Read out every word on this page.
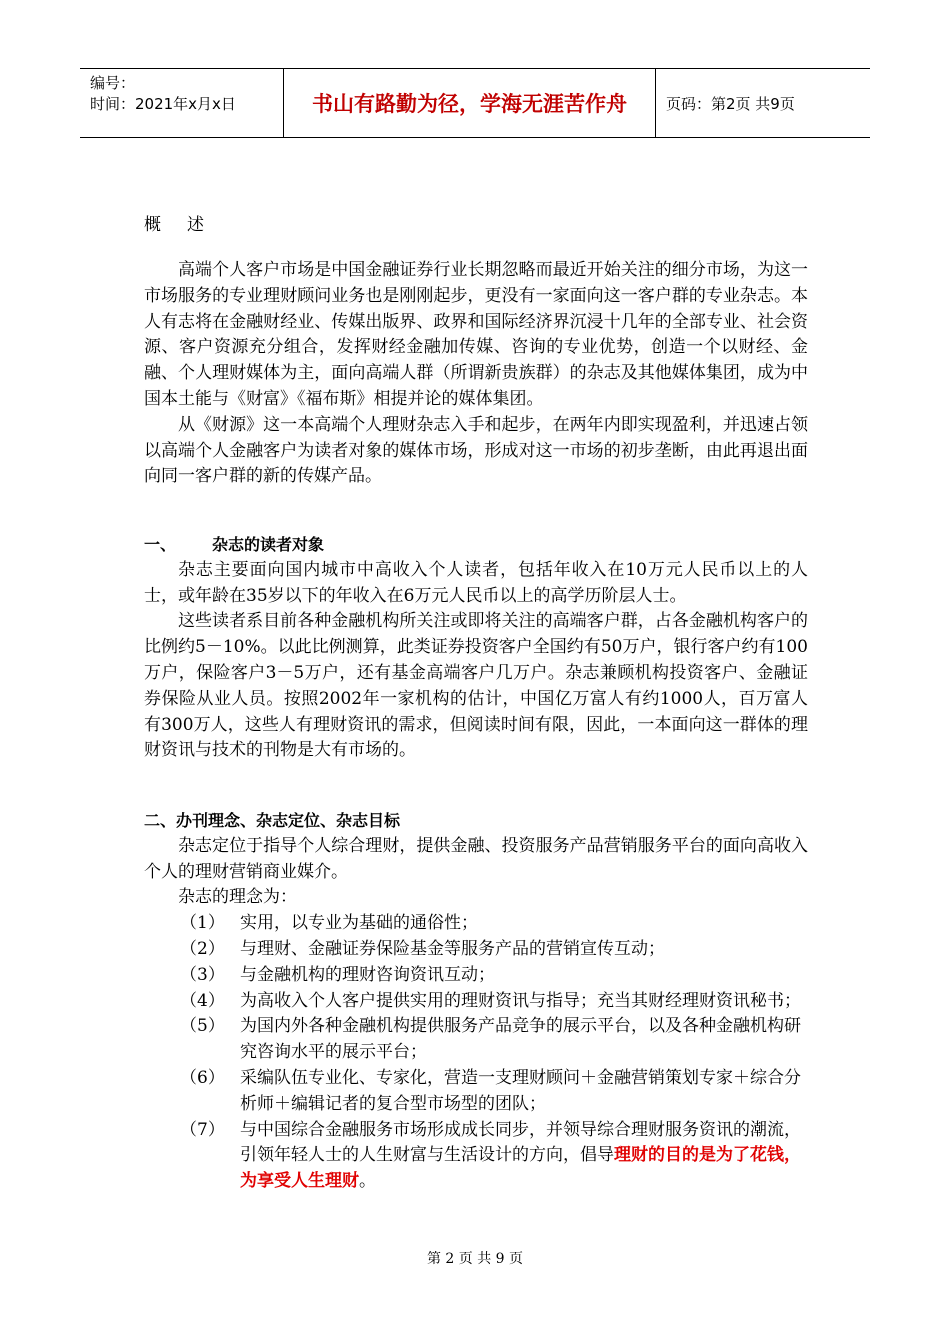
编号：
时间：2021年x月x日	书山有路勤为径，学海无涯苦作舟	页码：第2页 共9页
概述

高端个人客户市场是中国金融证券行业长期忽略而最近开始关注的细分市场，为这一市场服务的专业理财顾问业务也是刚刚起步，更没有一家面向这一客户群的专业杂志。本人有志将在金融财经业、传媒出版界、政界和国际经济界沉浸十几年的全部专业、社会资源、客户资源充分组合，发挥财经金融加传媒、咨询的专业优势，创造一个以财经、金融、个人理财媒体为主，面向高端人群（所谓新贵族群）的杂志及其他媒体集团，成为中国本土能与《财富》《福布斯》相提并论的媒体集团。

从《财源》这一本高端个人理财杂志入手和起步，在两年内即实现盈利，并迅速占领以高端个人金融客户为读者对象的媒体市场，形成对这一市场的初步垄断，由此再退出面向同一客户群的新的传媒产品。

一、 杂志的读者对象

杂志主要面向国内城市中高收入个人读者，包括年收入在10万元人民币以上的人士，或年龄在35岁以下的年收入在6万元人民币以上的高学历阶层人士。

这些读者系目前各种金融机构所关注或即将关注的高端客户群，占各金融机构客户的比例约5－10%。以此比例测算，此类证券投资客户全国约有50万户，银行客户约有100万户，保险客户3－5万户，还有基金高端客户几万户。杂志兼顾机构投资客户、金融证券保险从业人员。按照2002年一家机构的估计，中国亿万富人有约1000人，百万富人有300万人，这些人有理财资讯的需求，但阅读时间有限，因此，一本面向这一群体的理财资讯与技术的刊物是大有市场的。

二、办刊理念、杂志定位、杂志目标

杂志定位于指导个人综合理财，提供金融、投资服务产品营销服务平台的面向高收入个人的理财营销商业媒介。

杂志的理念为：

（1） 实用，以专业为基础的通俗性；
（2） 与理财、金融证券保险基金等服务产品的营销宣传互动；
（3） 与金融机构的理财咨询资讯互动；
（4） 为高收入个人客户提供实用的理财资讯与指导；充当其财经理财资讯秘书；
（5） 为国内外各种金融机构提供服务产品竞争的展示平台，以及各种金融机构研究咨询水平的展示平台；
（6） 采编队伍专业化、专家化，营造一支理财顾问＋金融营销策划专家＋综合分析师＋编辑记者的复合型市场型的团队；
（7） 与中国综合金融服务市场形成成长同步，并领导综合理财服务资讯的潮流，引领年轻人士的人生财富与生活设计的方向，倡导理财的目的是为了花钱，为享受人生理财。
第 2 页 共 9 页
